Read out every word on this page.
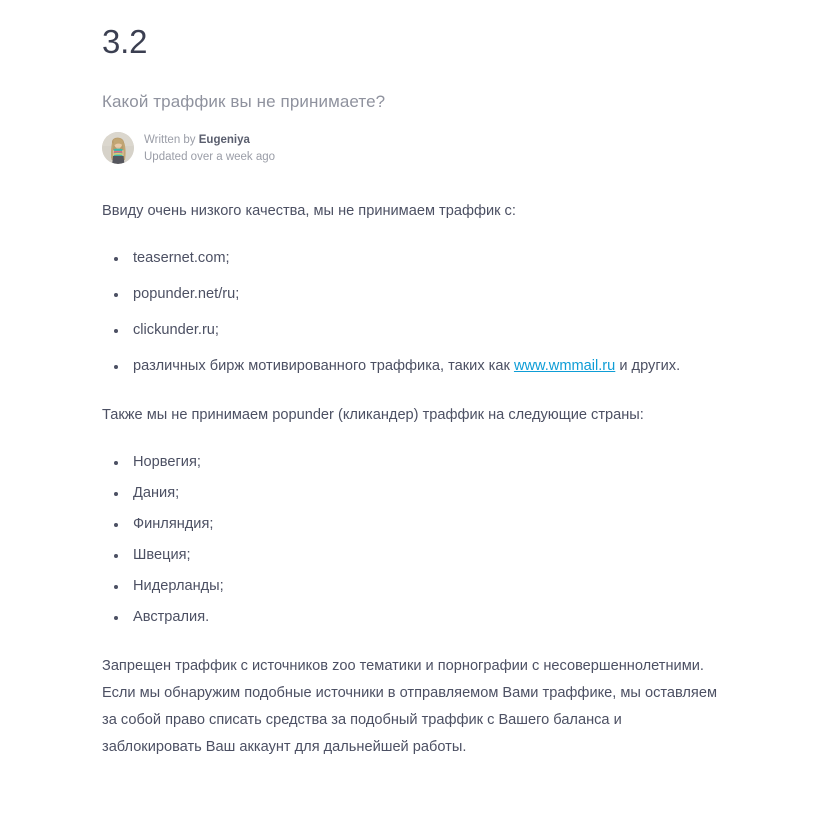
3.2
Какой траффик вы не принимаете?
Written by Eugeniya
Updated over a week ago

Ввиду очень низкого качества, мы не принимаем траффик с:

teasernet.com;
popunder.net/ru;
clickunder.ru;
различных бирж мотивированного траффика, таких как www.wmmail.ru и других.

Также мы не принимаем popunder (кликандер) траффик на следующие страны:

Норвегия;
Дания;
Финляндия;
Швеция;
Нидерланды;
Австралия.

Запрещен траффик с источников zoo тематики и порнографии с несовершеннолетними.

Если мы обнаружим подобные источники в отправляемом Вами траффике, мы оставляем за собой право списать средства за подобный траффик с Вашего баланса и заблокировать Ваш аккаунт для дальнейшей работы.
